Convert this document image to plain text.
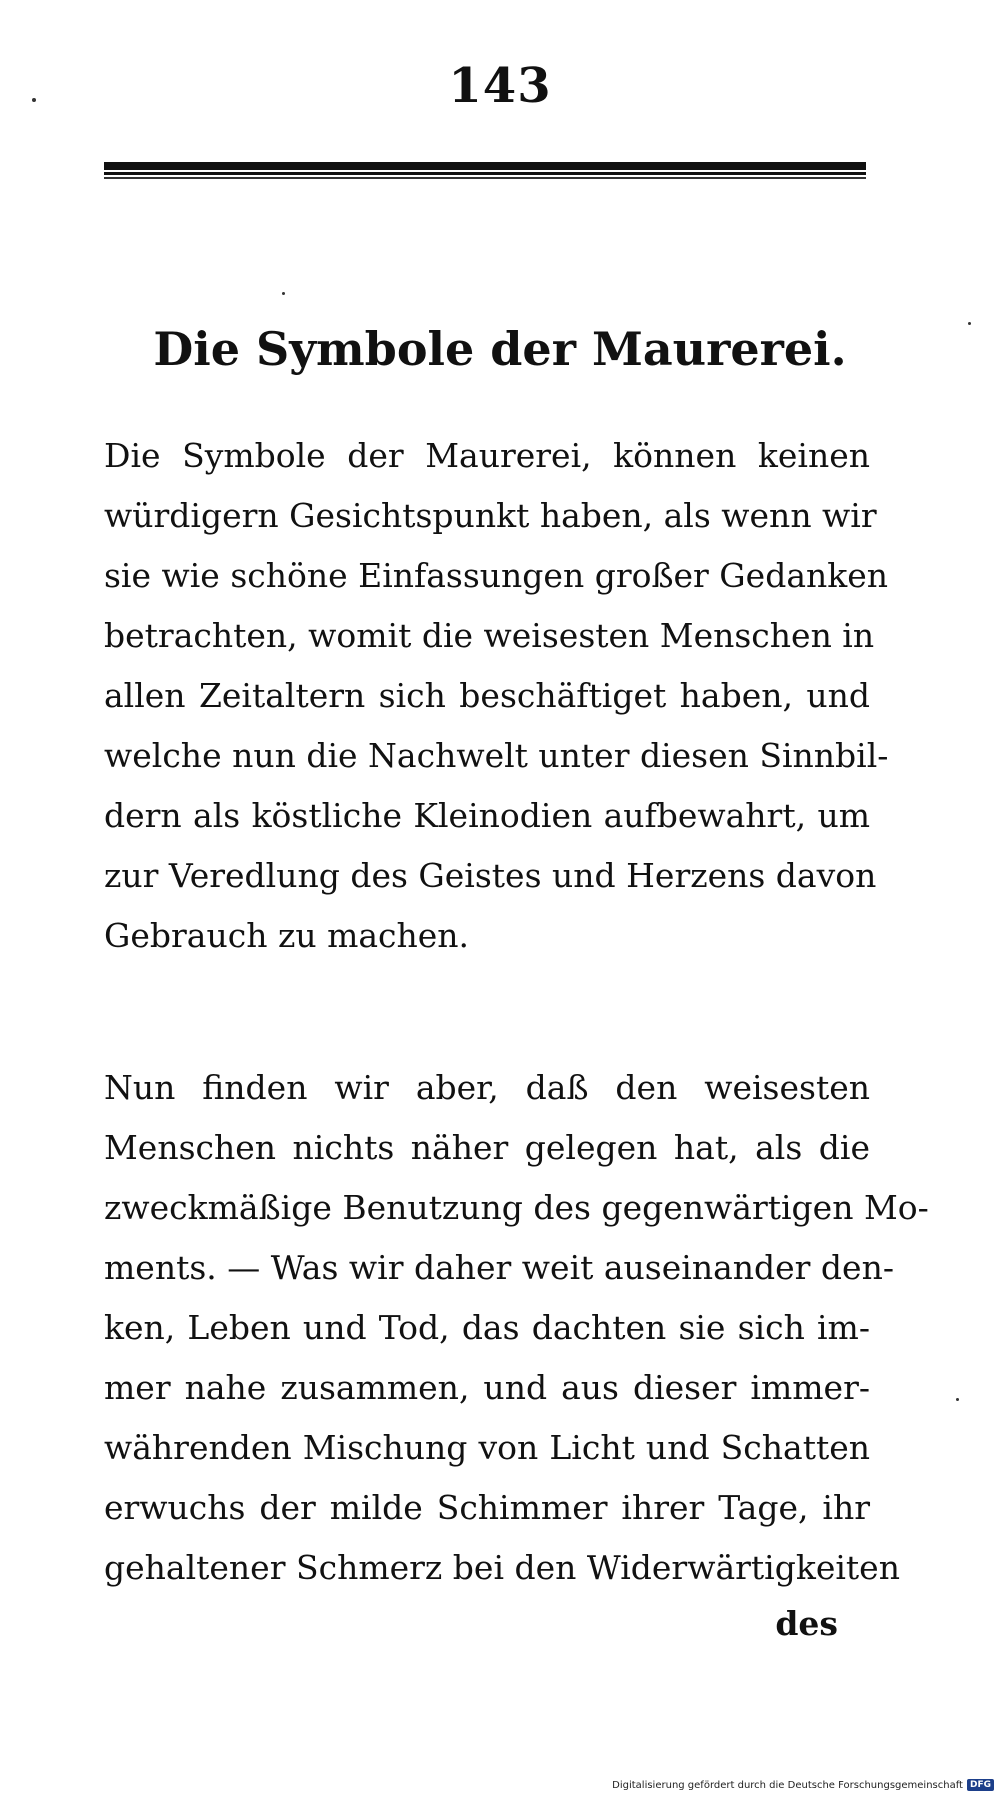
143
Die Symbole der Maurerei.
Die Symbole der Maurerei, können keinen
würdigern Gesichtspunkt haben, als wenn wir
sie wie schöne Einfassungen großer Gedanken
betrachten, womit die weisesten Menschen in
allen Zeitaltern sich beschäftiget haben, und
welche nun die Nachwelt unter diesen Sinnbil-
dern als köstliche Kleinodien aufbewahrt, um
zur Veredlung des Geistes und Herzens davon
Gebrauch zu machen.
Nun finden wir aber, daß den weisesten
Menschen nichts näher gelegen hat, als die
zweckmäßige Benutzung des gegenwärtigen Mo-
ments. — Was wir daher weit auseinander den-
ken, Leben und Tod, das dachten sie sich im-
mer nahe zusammen, und aus dieser immer-
währenden Mischung von Licht und Schatten
erwuchs der milde Schimmer ihrer Tage, ihr
gehaltener Schmerz bei den Widerwärtigkeiten
des
Digitalisierung gefördert durch die Deutsche Forschungsgemeinschaft DFG
